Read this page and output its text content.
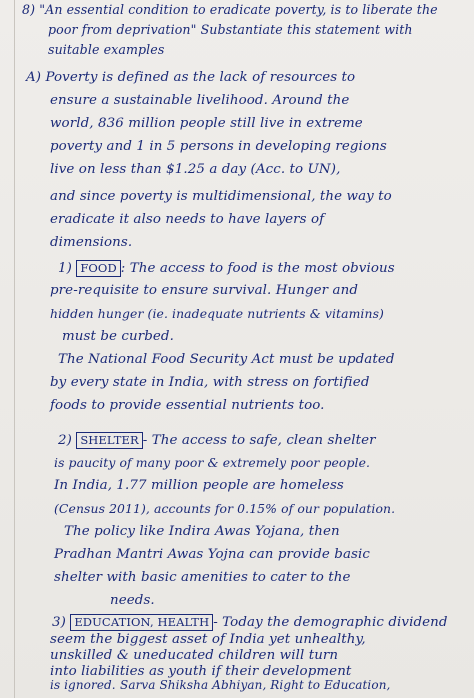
8) "An essential condition to eradicate poverty, is to liberate the
poor from deprivation" Substantiate this statement with
suitable examples
A) Poverty is defined as the lack of resources to
ensure a sustainable livelihood. Around the
world, 836 million people still live in extreme
poverty and 1 in 5 persons in developing regions
live on less than $1.25 a day (Acc. to UN),
and since poverty is multidimensional, the way to
eradicate it also needs to have layers of
dimensions.
1) FOOD : The access to food is the most obvious
pre-requisite to ensure survival. Hunger and
hidden hunger (ie. inadequate nutrients & vitamins)
must be curbed.
The National Food Security Act must be updated
by every state in India, with stress on fortified
foods to provide essential nutrients too.
2) SHELTER - The access to safe, clean shelter
is paucity of many poor & extremely poor people.
In India, 1.77 million people are homeless
(Census 2011), accounts for 0.15% of our population.
The policy like Indira Awas Yojana, then
Pradhan Mantri Awas Yojna can provide basic
shelter with basic amenities to cater to the
needs.
3) EDUCATION, HEALTH - Today the demographic dividend
seem the biggest asset of India yet unhealthy,
unskilled & uneducated children will turn
into liabilities as youth if their development
is ignored. Sarva Shiksha Abhiyan, Right to Education,
